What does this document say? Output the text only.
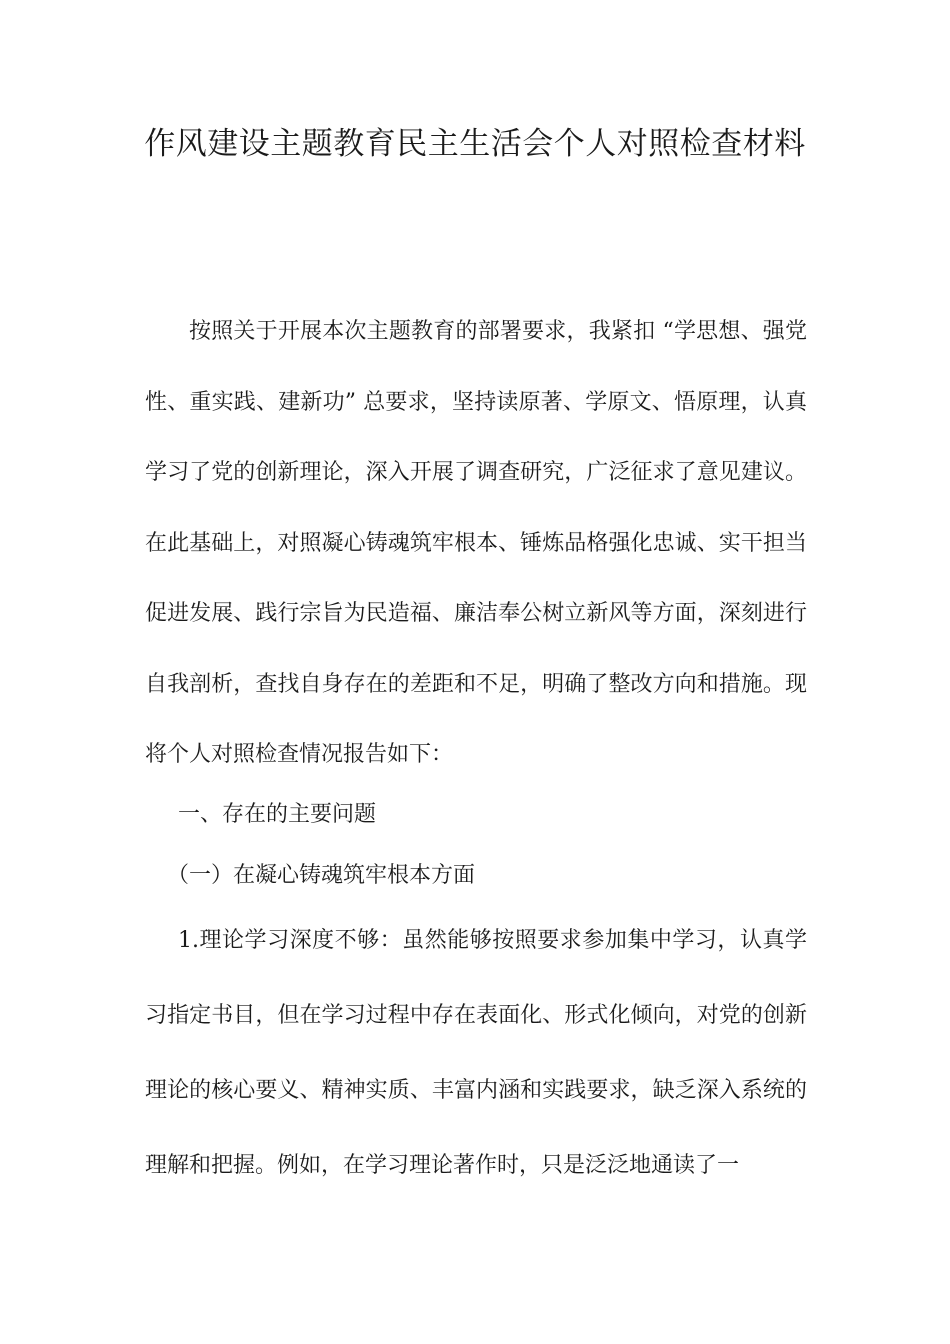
作风建设主题教育民主生活会个人对照检查材料

按照关于开展本次主题教育的部署要求，我紧扣 “学思想、强党性、重实践、建新功” 总要求，坚持读原著、学原文、悟原理，认真学习了党的创新理论，深入开展了调查研究，广泛征求了意见建议。在此基础上，对照凝心铸魂筑牢根本、锤炼品格强化忠诚、实干担当促进发展、践行宗旨为民造福、廉洁奉公树立新风等方面，深刻进行自我剖析，查找自身存在的差距和不足，明确了整改方向和措施。现将个人对照检查情况报告如下：

一、存在的主要问题

（一）在凝心铸魂筑牢根本方面

1.理论学习深度不够：虽然能够按照要求参加集中学习，认真学习指定书目，但在学习过程中存在表面化、形式化倾向，对党的创新理论的核心要义、精神实质、丰富内涵和实践要求，缺乏深入系统的理解和把握。例如，在学习理论著作时，只是泛泛地通读了一
